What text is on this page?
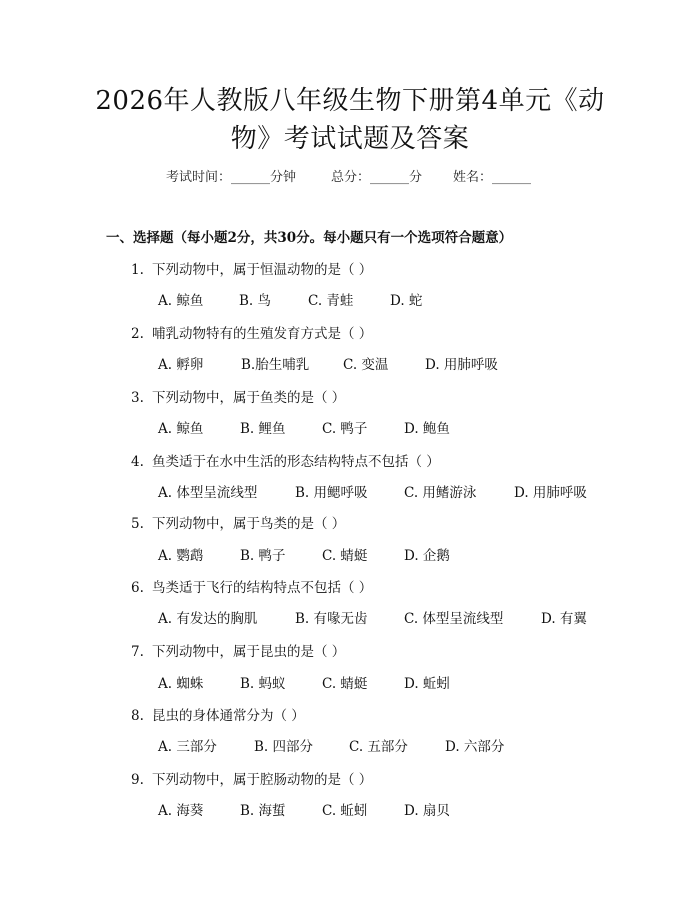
2026年人教版八年级生物下册第4单元《动
物》考试试题及答案
考试时间：______分钟	总分：______分 姓名：______
一、选择题（每小题2分，共30分。每小题只有一个选项符合题意）
1. 下列动物中，属于恒温动物的是（ ）
A. 鲸鱼	B. 鸟	C. 青蛙	D. 蛇
2. 哺乳动物特有的生殖发育方式是（ ）
A. 孵卵	B.胎生哺乳	C. 变温	D. 用肺呼吸
3. 下列动物中，属于鱼类的是（ ）
A. 鲸鱼	B. 鲤鱼	C. 鸭子	D. 鲍鱼
4. 鱼类适于在水中生活的形态结构特点不包括（ ）
A. 体型呈流线型	B. 用鳃呼吸	C. 用鳍游泳	D. 用肺呼吸
5. 下列动物中，属于鸟类的是（ ）
A. 鹦鹉	B. 鸭子	C. 蜻蜓	D. 企鹅
6. 鸟类适于飞行的结构特点不包括（ ）
A. 有发达的胸肌	B. 有喙无齿	C. 体型呈流线型	D. 有翼
7. 下列动物中，属于昆虫的是（ ）
A. 蜘蛛	B. 蚂蚁	C. 蜻蜓	D. 蚯蚓
8. 昆虫的身体通常分为（ ）
A. 三部分	B. 四部分	C. 五部分	D. 六部分
9. 下列动物中，属于腔肠动物的是（ ）
A. 海葵	B. 海蜇	C. 蚯蚓	D. 扇贝
